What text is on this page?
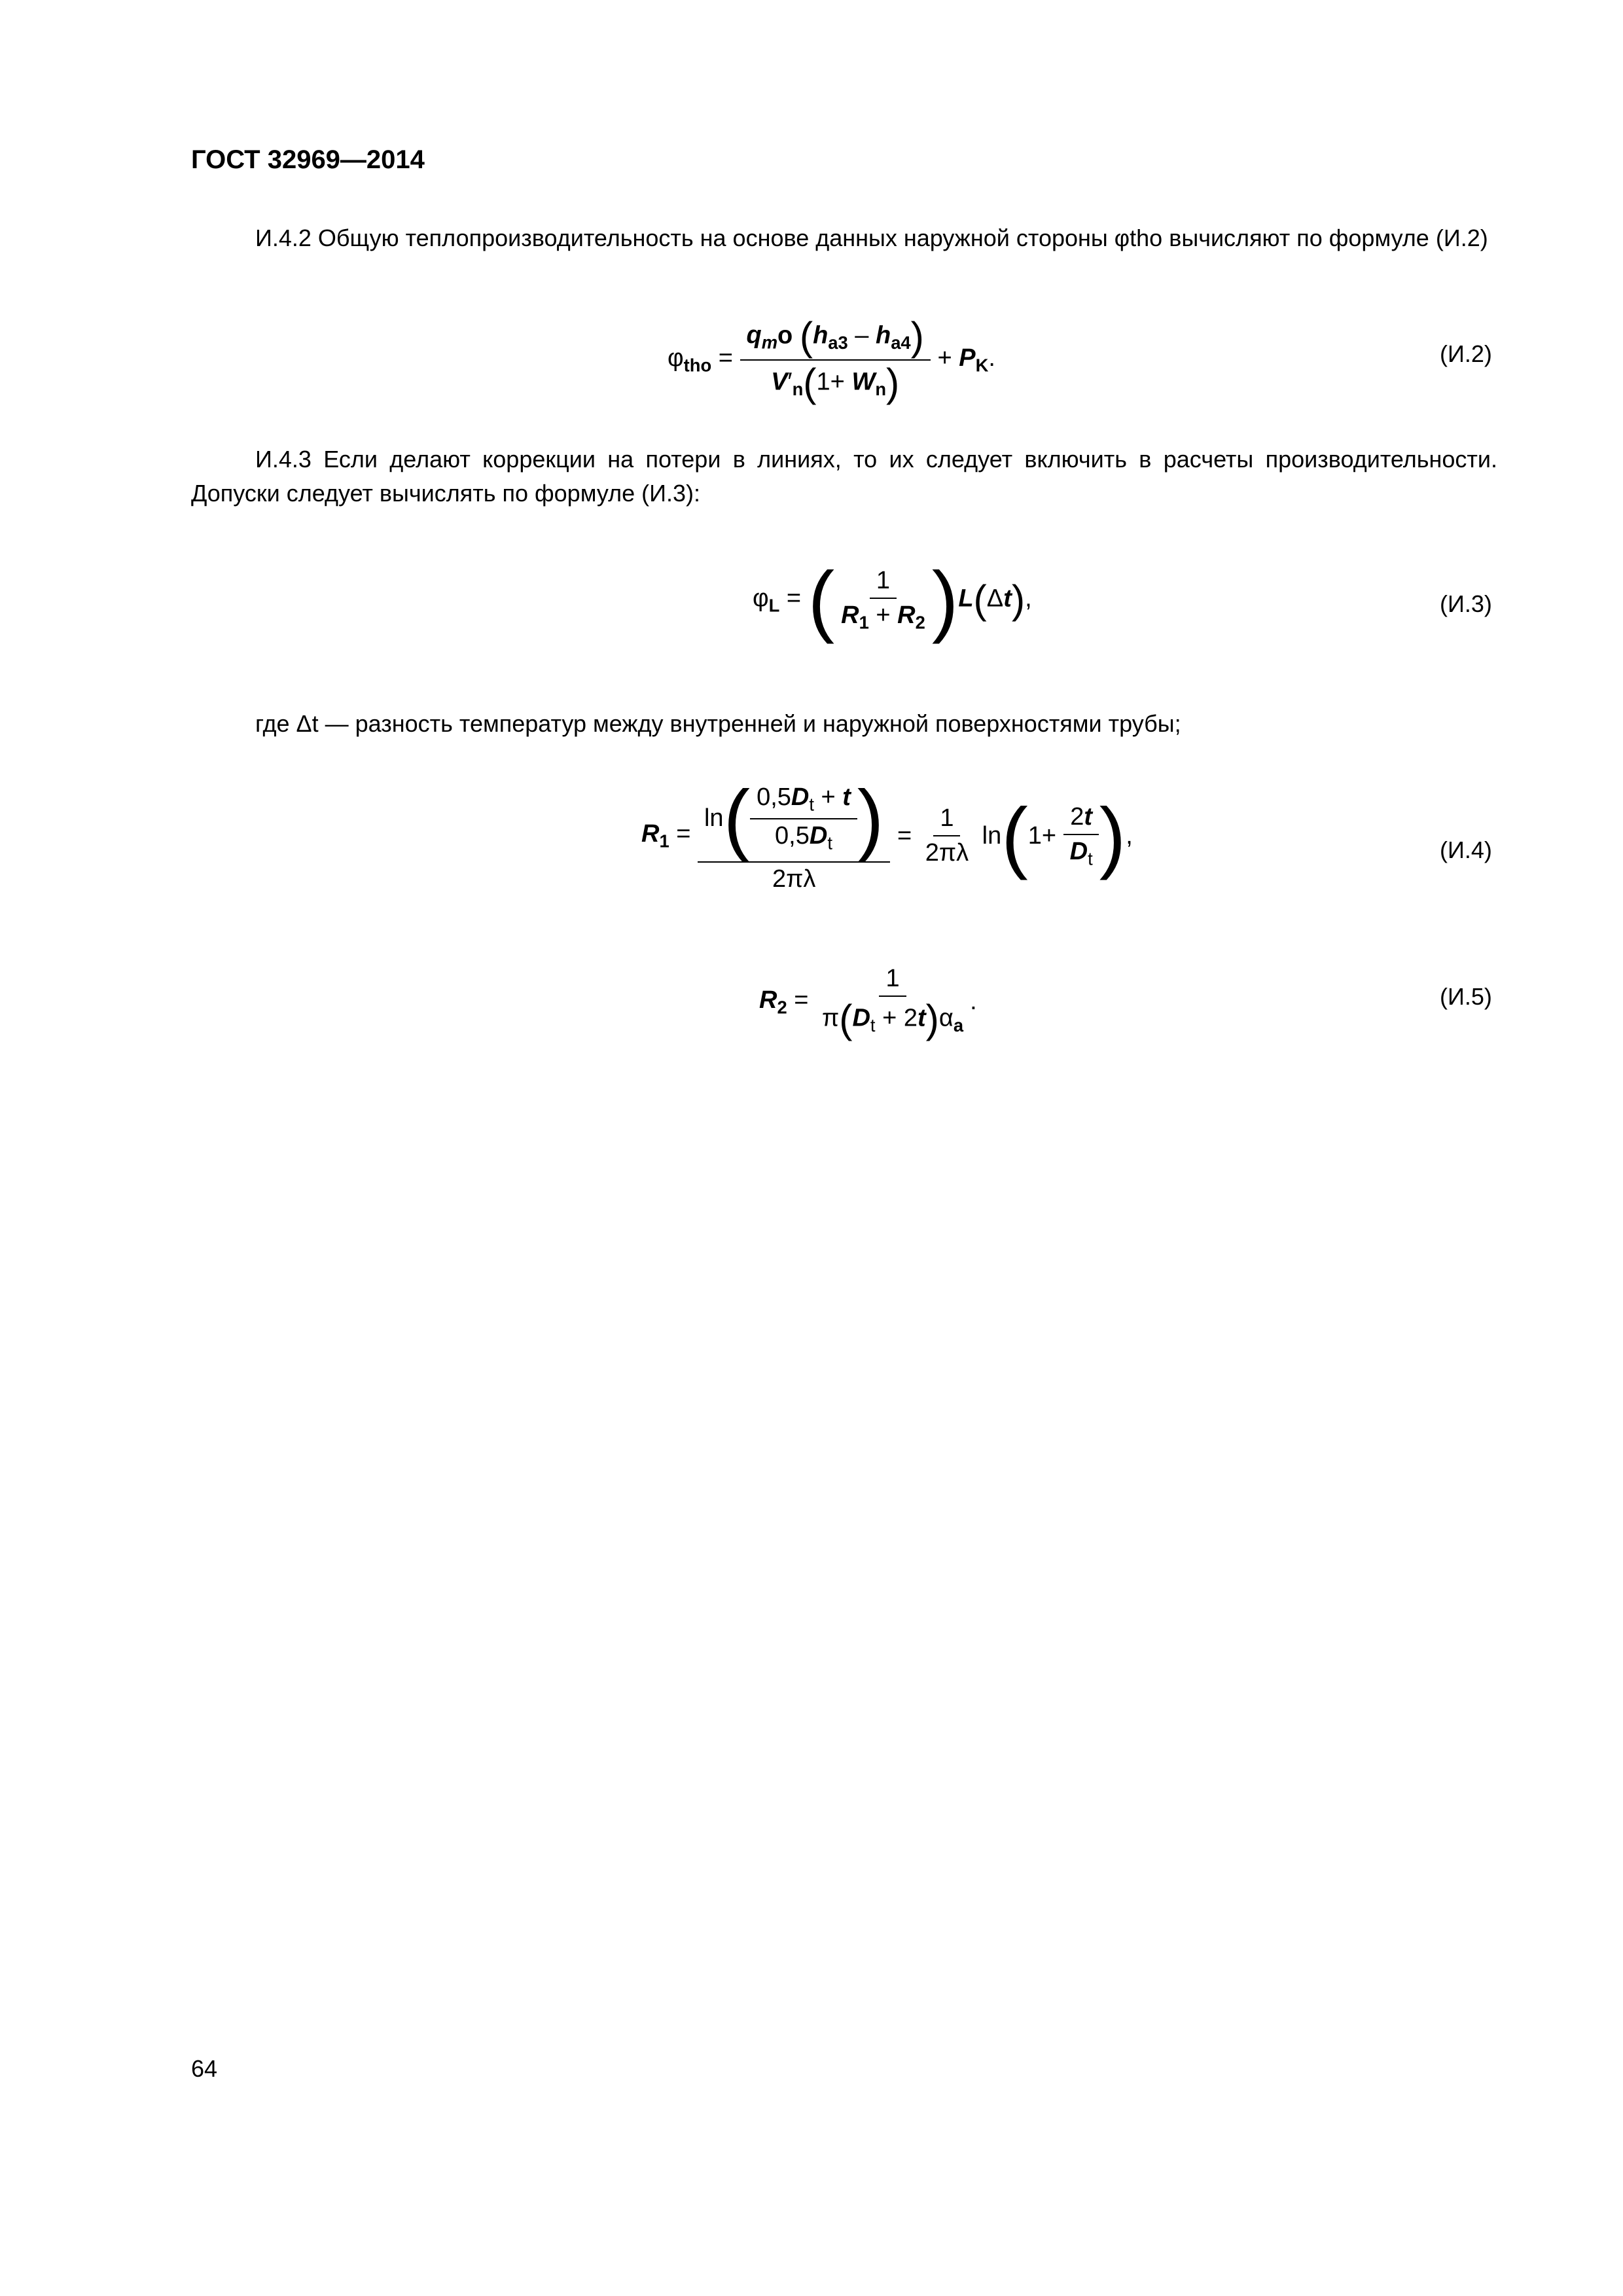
ГОСТ 32969—2014

И.4.2 Общую теплопроизводительность на основе данных наружной стороны φtho вычисляют по формуле (И.2)

$\varphi_{tho} = \frac{q_mo (h_{a3} - h_{a4})}{V'_n(1+ W_n)} + P_K$.	(И.2)

И.4.3 Если делают коррекции на потери в линиях, то их следует включить в расчеты производительности. Допуски следует вычислять по формуле (И.3):

$\varphi_L$ = ( $\frac{1}{R_1 + R_2}$ ) L(Δt),	(И.3)

где Δt — разность температур между внутренней и наружной поверхностями трубы;

$R_1$ =
ln ( $\frac{0,5D_t + t}{0,5D_t}$ )
2πλ
= $\frac{1}{2\pi\lambda}$ ln ( $1+ \frac{2t}{D_t}$ ) ,
(И.4)
$R_2 = \frac{1}{\pi(D_t + 2t)\alpha_a}$ .	(И.5)

64
